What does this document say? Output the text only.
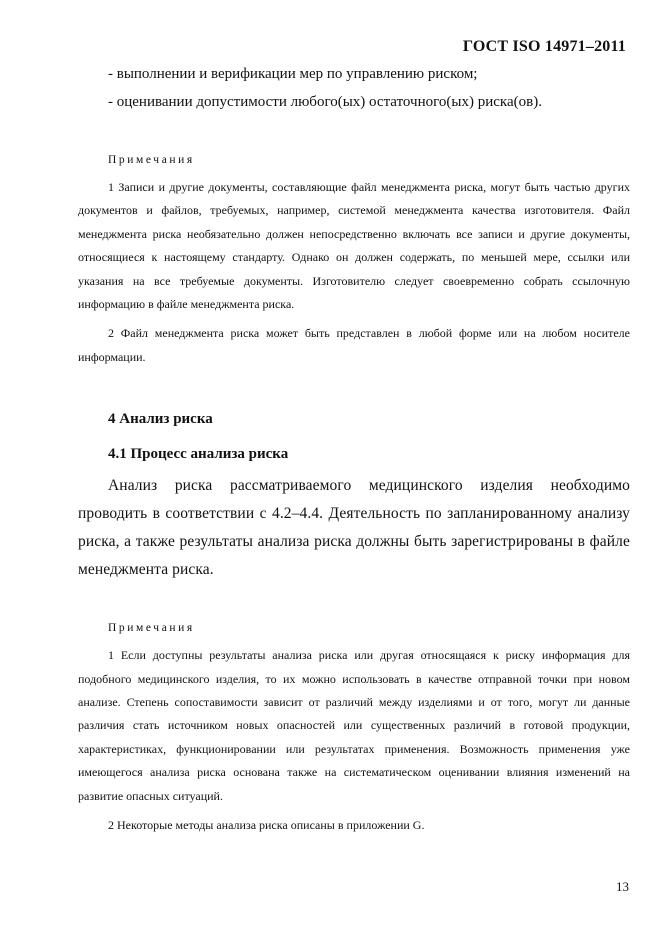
ГОСТ ISO 14971–2011

- выполнении и верификации мер по управлению риском;

- оценивании допустимости любого(ых) остаточного(ых) риска(ов).

Примечания

1 Записи и другие документы, составляющие файл менеджмента риска, могут быть частью других документов и файлов, требуемых, например, системой менеджмента качества изготовителя. Файл менеджмента риска необязательно должен непосредственно включать все записи и другие документы, относящиеся к настоящему стандарту. Однако он должен содержать, по меньшей мере, ссылки или указания на все требуемые документы. Изготовителю следует своевременно собрать ссылочную информацию в файле менеджмента риска.

2 Файл менеджмента риска может быть представлен в любой форме или на любом носителе информации.

4 Анализ риска

4.1 Процесс анализа риска

Анализ риска рассматриваемого медицинского изделия необходимо проводить в соответствии с 4.2–4.4. Деятельность по запланированному анализу риска, а также результаты анализа риска должны быть зарегистрированы в файле менеджмента риска.

Примечания

1 Если доступны результаты анализа риска или другая относящаяся к риску информация для подобного медицинского изделия, то их можно использовать в качестве отправной точки при новом анализе. Степень сопоставимости зависит от различий между изделиями и от того, могут ли данные различия стать источником новых опасностей или существенных различий в готовой продукции, характеристиках, функционировании или результатах применения. Возможность применения уже имеющегося анализа риска основана также на систематическом оценивании влияния изменений на развитие опасных ситуаций.

2 Некоторые методы анализа риска описаны в приложении G.

13
